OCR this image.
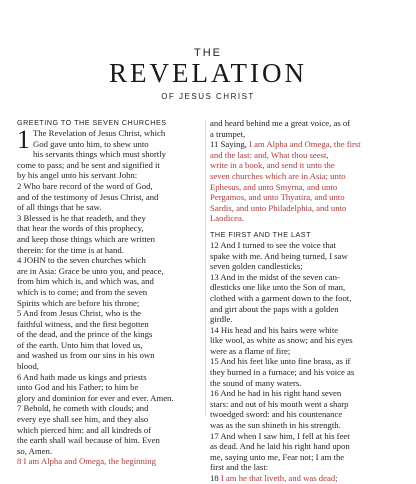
THE
REVELATION
OF JESUS CHRIST
GREETING TO THE SEVEN CHURCHES
1 The Revelation of Jesus Christ, which
God gave unto him, to shew unto
his servants things which must shortly
come to pass; and he sent and signified it
by his angel unto his servant John:
2 Who bare record of the word of God,
and of the testimony of Jesus Christ, and
of all things that he saw.
3 Blessed is he that readeth, and they
that hear the words of this prophecy,
and keep those things which are written
therein: for the time is at hand.
4 JOHN to the seven churches which
are in Asia: Grace be unto you, and peace,
from him which is, and which was, and
which is to come; and from the seven
Spirits which are before his throne;
5 And from Jesus Christ, who is the
faithful witness, and the first begotten
of the dead, and the prince of the kings
of the earth. Unto him that loved us,
and washed us from our sins in his own
blood,
6 And hath made us kings and priests
unto God and his Father; to him be
glory and dominion for ever and ever. Amen.
7 Behold, he cometh with clouds; and
every eye shall see him, and they also
which pierced him: and all kindreds of
the earth shall wail because of him. Even
so, Amen.
8 I am Alpha and Omega, the beginning
and heard behind me a great voice, as of
a trumpet,
11 Saying, I am Alpha and Omega, the first
and the last: and, What thou seest,
write in a book, and send it unto the
seven churches which are in Asia; unto
Ephesus, and unto Smyrna, and unto
Pergamos, and unto Thyatira, and unto
Sardis, and unto Philadelphia, and unto
Laodicea.
THE FIRST AND THE LAST
12 And I turned to see the voice that
spake with me. And being turned, I saw
seven golden candlesticks;
13 And in the midst of the seven can-
dlesticks one like unto the Son of man,
clothed with a garment down to the foot,
and girt about the paps with a golden
girdle.
14 His head and his hairs were white
like wool, as white as snow; and his eyes
were as a flame of fire;
15 And his feet like unto fine brass, as if
they burned in a furnace; and his voice as
the sound of many waters.
16 And he had in his right hand seven
stars: and out of his mouth went a sharp
twoedged sword: and his countenance
was as the sun shineth in his strength.
17 And when I saw him, I fell at his feet
as dead. And he laid his right hand upon
me, saying unto me, Fear not; I am the
first and the last:
18 I am he that liveth, and was dead;
